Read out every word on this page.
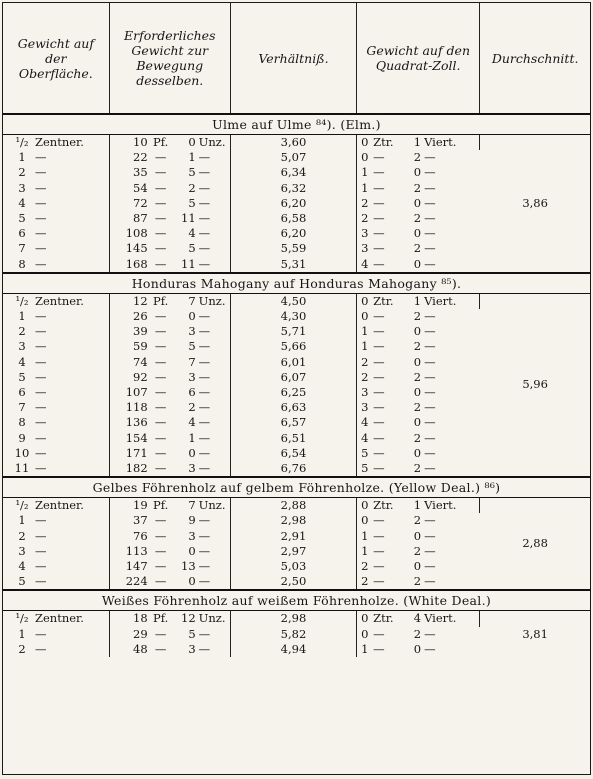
Gewicht auf der Oberfläche.	Erforderliches Gewicht zur Bewegung desselben.	Verhältniß.	Gewicht auf den Quadrat-Zoll.	Durchschnitt.
Ulme auf Ulme ⁸⁴). (Elm.)				
¹/₂ Zentner.	10 Pf. 0 Unz.	3,60	0 Ztr. 1 Viert.	3,86
1 —	22 — 1 —	5,07	0 — 2 —	
2 —	35 — 5 —	6,34	1 — 0 —	
3 —	54 — 2 —	6,32	1 — 2 —	
4 —	72 — 5 —	6,20	2 — 0 —	
5 —	87 — 11 —	6,58	2 — 2 —	
6 —	108 — 4 —	6,20	3 — 0 —	
7 —	145 — 5 —	5,59	3 — 2 —	
8 —	168 — 11 —	5,31	4 — 0 —	
Honduras Mahogany auf Honduras Mahogany ⁸⁵).				
¹/₂ Zentner.	12 Pf. 7 Unz.	4,50	0 Ztr. 1 Viert.	5,96
1 —	26 — 0 —	4,30	0 — 2 —	
2 —	39 — 3 —	5,71	1 — 0 —	
3 —	59 — 5 —	5,66	1 — 2 —	
4 —	74 — 7 —	6,01	2 — 0 —	
5 —	92 — 3 —	6,07	2 — 2 —	
6 —	107 — 6 —	6,25	3 — 0 —	
7 —	118 — 2 —	6,63	3 — 2 —	
8 —	136 — 4 —	6,57	4 — 0 —	
9 —	154 — 1 —	6,51	4 — 2 —	
10 —	171 — 0 —	6,54	5 — 0 —	
11 —	182 — 3 —	6,76	5 — 2 —	
Gelbes Föhrenholz auf gelbem Föhrenholze. (Yellow Deal.) ⁸⁶)				
¹/₂ Zentner.	19 Pf. 7 Unz.	2,88	0 Ztr. 1 Viert.	2,88
1 —	37 — 9 —	2,98	0 — 2 —	
2 —	76 — 3 —	2,91	1 — 0 —	
3 —	113 — 0 —	2,97	1 — 2 —	
4 —	147 — 13 —	5,03	2 — 0 —	
5 —	224 — 0 —	2,50	2 — 2 —	
Weißes Föhrenholz auf weißem Föhrenholze. (White Deal.)				
¹/₂ Zentner.	18 Pf. 12 Unz.	2,98	0 Ztr. 4 Viert.	3,81
1 —	29 — 5 —	5,82	0 — 2 —	
2 —	48 — 3 —	4,94	1 — 0 —	
